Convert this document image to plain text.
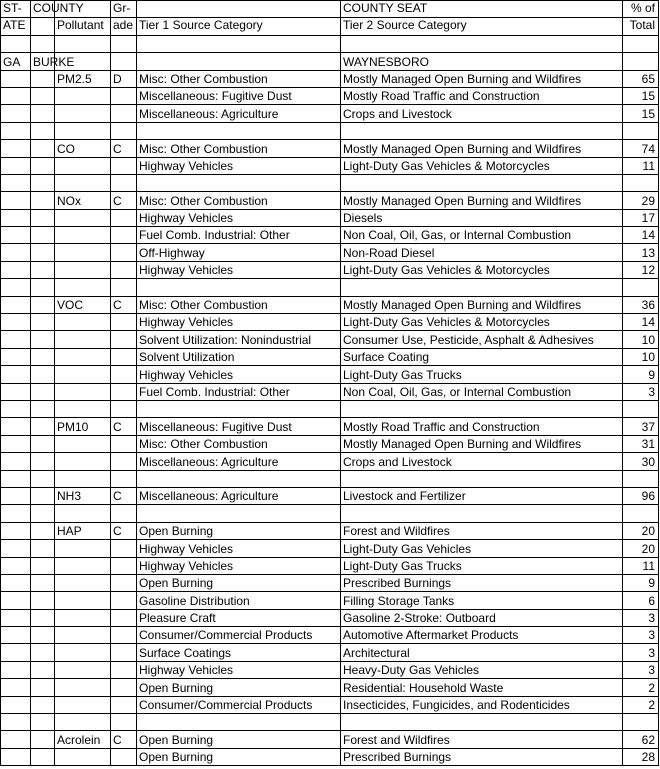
ST-	COUNTY		Gr-		COUNTY SEAT	% of
ATE		Pollutant	ade	Tier 1 Source Category	Tier 2 Source Category	Total

GA	BURKE				WAYNESBORO	
		PM2.5	D	Misc: Other Combustion	Mostly Managed Open Burning and Wildfires	65
				Miscellaneous: Fugitive Dust	Mostly Road Traffic and Construction	15
				Miscellaneous: Agriculture	Crops and Livestock	15

		CO	C	Misc: Other Combustion	Mostly Managed Open Burning and Wildfires	74
				Highway Vehicles	Light-Duty Gas Vehicles & Motorcycles	11

		NOx	C	Misc: Other Combustion	Mostly Managed Open Burning and Wildfires	29
				Highway Vehicles	Diesels	17
				Fuel Comb. Industrial: Other	Non Coal, Oil, Gas, or Internal Combustion	14
				Off-Highway	Non-Road Diesel	13
				Highway Vehicles	Light-Duty Gas Vehicles & Motorcycles	12

		VOC	C	Misc: Other Combustion	Mostly Managed Open Burning and Wildfires	36
				Highway Vehicles	Light-Duty Gas Vehicles & Motorcycles	14
				Solvent Utilization: Nonindustrial	Consumer Use, Pesticide, Asphalt & Adhesives	10
				Solvent Utilization	Surface Coating	10
				Highway Vehicles	Light-Duty Gas Trucks	9
				Fuel Comb. Industrial: Other	Non Coal, Oil, Gas, or Internal Combustion	3

		PM10	C	Miscellaneous: Fugitive Dust	Mostly Road Traffic and Construction	37
				Misc: Other Combustion	Mostly Managed Open Burning and Wildfires	31
				Miscellaneous: Agriculture	Crops and Livestock	30

		NH3	C	Miscellaneous: Agriculture	Livestock and Fertilizer	96

		HAP	C	Open Burning	Forest and Wildfires	20
				Highway Vehicles	Light-Duty Gas Vehicles	20
				Highway Vehicles	Light-Duty Gas Trucks	11
				Open Burning	Prescribed Burnings	9
				Gasoline Distribution	Filling Storage Tanks	6
				Pleasure Craft	Gasoline 2-Stroke: Outboard	3
				Consumer/Commercial Products	Automotive Aftermarket Products	3
				Surface Coatings	Architectural	3
				Highway Vehicles	Heavy-Duty Gas Vehicles	3
				Open Burning	Residential: Household Waste	2
				Consumer/Commercial Products	Insecticides, Fungicides, and Rodenticides	2

		Acrolein	C	Open Burning	Forest and Wildfires	62
				Open Burning	Prescribed Burnings	28
